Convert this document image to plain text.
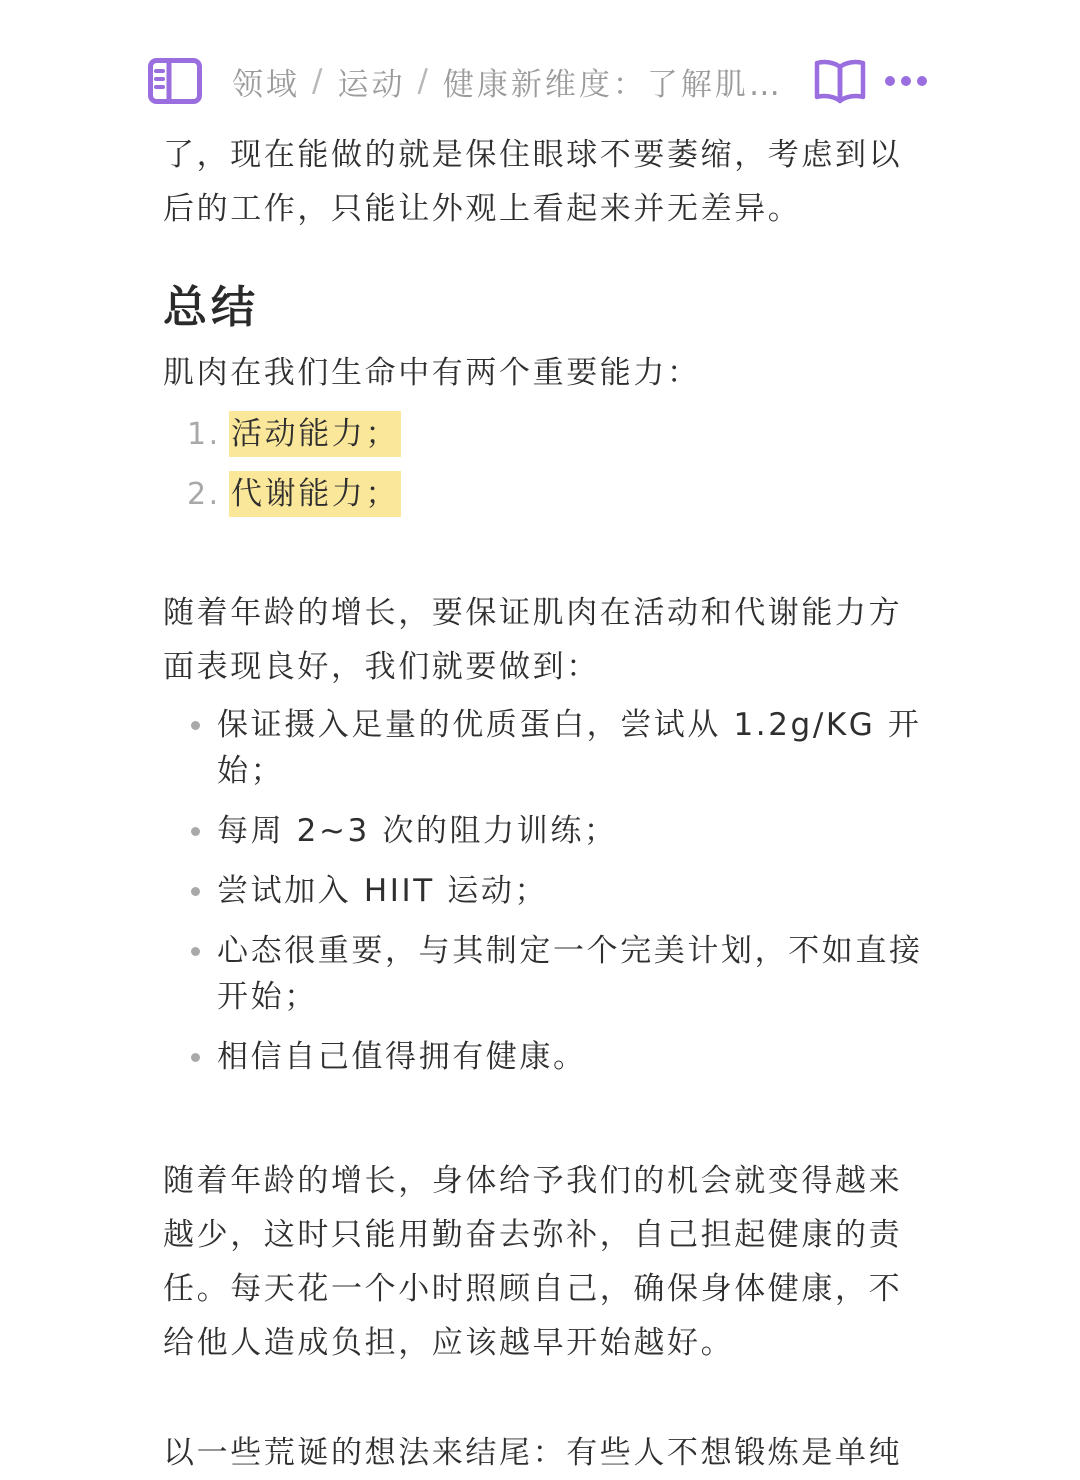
领域 / 运动 / 健康新维度：了解肌…

了，现在能做的就是保住眼球不要萎缩，考虑到以后的工作，只能让外观上看起来并无差异。

总结

肌肉在我们生命中有两个重要能力：

1. 活动能力；
2. 代谢能力；

随着年龄的增长，要保证肌肉在活动和代谢能力方面表现良好，我们就要做到：

保证摄入足量的优质蛋白，尝试从 1.2g/KG 开始；
每周 2~3 次的阻力训练；
尝试加入 HIIT 运动；
心态很重要，与其制定一个完美计划，不如直接开始；
相信自己值得拥有健康。

随着年龄的增长，身体给予我们的机会就变得越来越少，这时只能用勤奋去弥补，自己担起健康的责任。每天花一个小时照顾自己，确保身体健康，不给他人造成负担，应该越早开始越好。

以一些荒诞的想法来结尾：有些人不想锻炼是单纯
